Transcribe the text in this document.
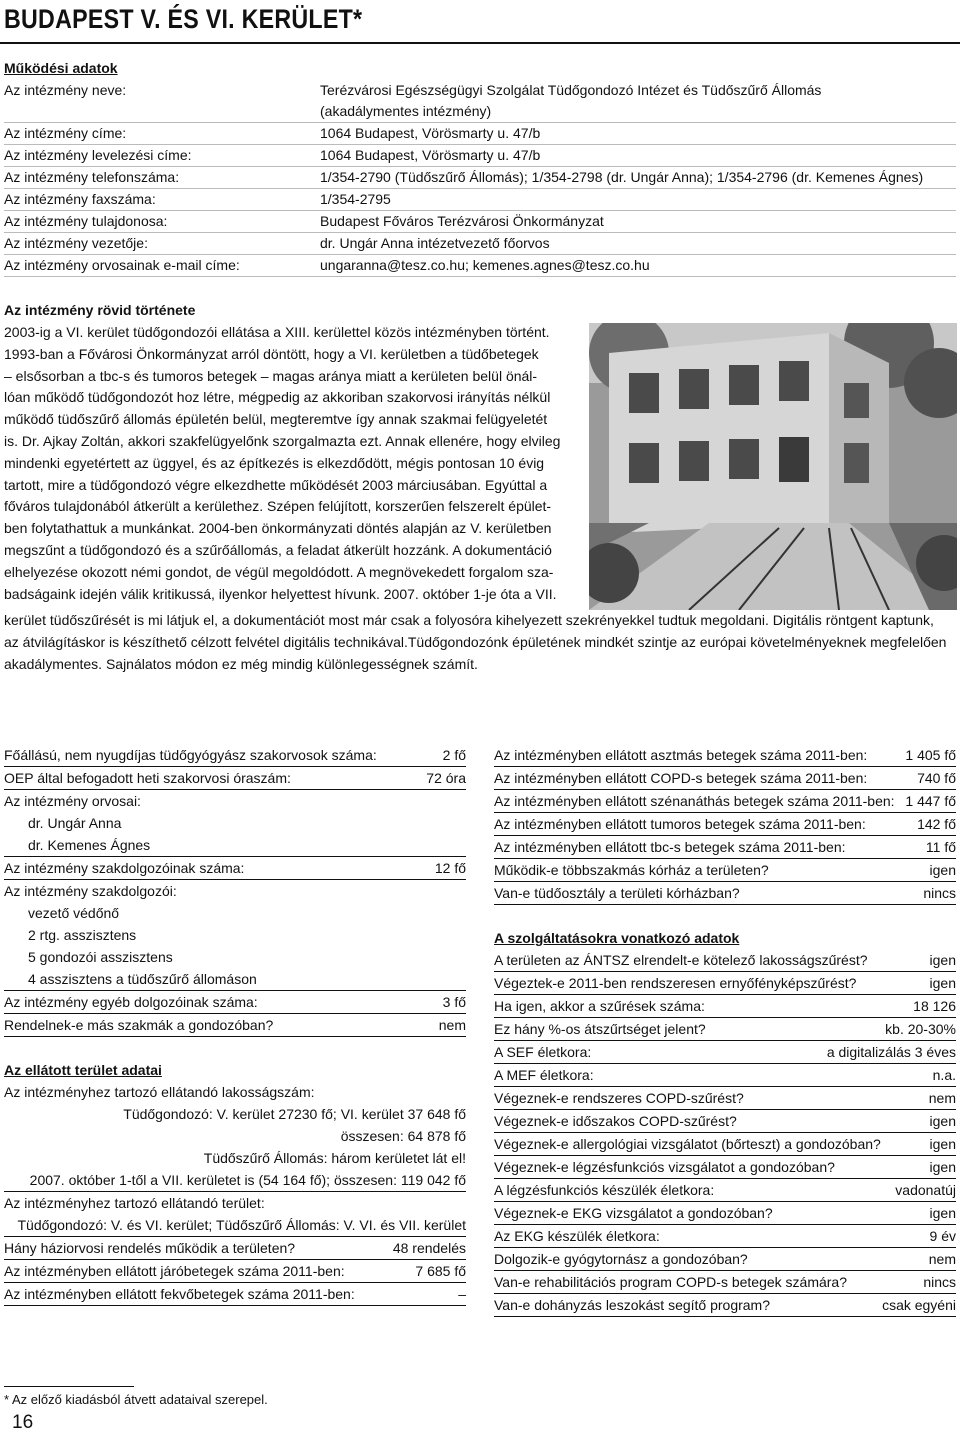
BUDAPEST V. ÉS VI. KERÜLET*
Működési adatok
Az intézmény neve:	Terézvárosi Egészségügyi Szolgálat Tüdőgondozó Intézet és Tüdőszűrő Állomás
(akadálymentes intézmény)
Az intézmény címe:	1064 Budapest, Vörösmarty u. 47/b
Az intézmény levelezési címe:	1064 Budapest, Vörösmarty u. 47/b
Az intézmény telefonszáma:	1/354-2790 (Tüdőszűrő Állomás); 1/354-2798 (dr. Ungár Anna); 1/354-2796 (dr. Kemenes Ágnes)
Az intézmény faxszáma:	1/354-2795
Az intézmény tulajdonosa:	Budapest Főváros Terézvárosi Önkormányzat
Az intézmény vezetője:	dr. Ungár Anna intézetvezető főorvos
Az intézmény orvosainak e-mail címe:	ungaranna@tesz.co.hu; kemenes.agnes@tesz.co.hu
Az intézmény rövid története
2003-ig a VI. kerület tüdőgondozói ellátása a XIII. kerülettel közös intézményben történt.
1993-ban a Fővárosi Önkormányzat arról döntött, hogy a VI. kerületben a tüdőbetegek
– elsősorban a tbc-s és tumoros betegek – magas aránya miatt a kerületen belül önál-
lóan működő tüdőgondozót hoz létre, mégpedig az akkoriban szakorvosi irányítás nélkül
működő tüdőszűrő állomás épületén belül, megteremtve így annak szakmai felügyeletét
is. Dr. Ajkay Zoltán, akkori szakfelügyelőnk szorgalmazta ezt. Annak ellenére, hogy elvileg
mindenki egyetértett az üggyel, és az építkezés is elkezdődött, mégis pontosan 10 évig
tartott, mire a tüdőgondozó végre elkezdhette működését 2003 márciusában. Egyúttal a
főváros tulajdonából átkerült a kerülethez. Szépen felújított, korszerűen felszerelt épület-
ben folytathattuk a munkánkat. 2004-ben önkormányzati döntés alapján az V. kerületben
megszűnt a tüdőgondozó és a szűrőállomás, a feladat átkerült hozzánk. A dokumentáció
elhelyezése okozott némi gondot, de végül megoldódott. A megnövekedett forgalom sza-
badságaink idején válik kritikussá, ilyenkor helyettest hívunk. 2007. október 1-je óta a VII.
kerület tüdőszűrését is mi látjuk el, a dokumentációt most már csak a folyosóra kihelyezett szekrényekkel tudtuk megoldani. Digitális röntgent kaptunk,
az átvilágításkor is készíthető célzott felvétel digitális technikával.Tüdőgondozónk épületének mindkét szintje az európai követelményeknek megfelelően
akadálymentes. Sajnálatos módon ez még mindig különlegességnek számít.
Főállású, nem nyugdíjas tüdőgyógyász szakorvosok száma:	2 fő
OEP által befogadott heti szakorvosi óraszám:	72 óra
Az intézmény orvosai:
dr. Ungár Anna
dr. Kemenes Ágnes
Az intézmény szakdolgozóinak száma:	12 fő
Az intézmény szakdolgozói:
vezető védőnő
2 rtg. asszisztens
5 gondozói asszisztens
4 asszisztens a tüdőszűrő állomáson
Az intézmény egyéb dolgozóinak száma:	3 fő
Rendelnek-e más szakmák a gondozóban?	nem
Az ellátott terület adatai
Az intézményhez tartozó ellátandó lakosságszám:
Tüdőgondozó: V. kerület 27230 fő; VI. kerület 37 648 fő
összesen: 64 878 fő
Tüdőszűrő Állomás: három kerületet lát el!
2007. október 1-től a VII. kerületet is (54 164 fő); összesen: 119 042 fő
Az intézményhez tartozó ellátandó terület:
Tüdőgondozó: V. és VI. kerület; Tüdőszűrő Állomás: V. VI. és VII. kerület
Hány háziorvosi rendelés működik a területen?	48 rendelés
Az intézményben ellátott járóbetegek száma 2011-ben:	7 685 fő
Az intézményben ellátott fekvőbetegek száma 2011-ben:	–
Az intézményben ellátott asztmás betegek száma 2011-ben:	1 405 fő
Az intézményben ellátott COPD-s betegek száma 2011-ben:	740 fő
Az intézményben ellátott szénanáthás betegek száma 2011-ben: 1 447 fő
Az intézményben ellátott tumoros betegek száma 2011-ben:	142 fő
Az intézményben ellátott tbc-s betegek száma 2011-ben:	11 fő
Működik-e többszakmás kórház a területen?	igen
Van-e tüdőosztály a területi kórházban?	nincs
A szolgáltatásokra vonatkozó adatok
A területen az ÁNTSZ elrendelt-e kötelező lakosságszűrést?	igen
Végeztek-e 2011-ben rendszeresen ernyőfényképszűrést?	igen
Ha igen, akkor a szűrések száma:	18 126
Ez hány %-os átszűrtséget jelent?	kb. 20-30%
A SEF életkora:	a digitalizálás 3 éves
A MEF életkora:	n.a.
Végeznek-e rendszeres COPD-szűrést?	nem
Végeznek-e időszakos COPD-szűrést?	igen
Végeznek-e allergológiai vizsgálatot (bőrteszt) a gondozóban?	igen
Végeznek-e légzésfunkciós vizsgálatot a gondozóban?	igen
A légzésfunkciós készülék életkora:	vadonatúj
Végeznek-e EKG vizsgálatot a gondozóban?	igen
Az EKG készülék életkora:	9 év
Dolgozik-e gyógytornász a gondozóban?	nem
Van-e rehabilitációs program COPD-s betegek számára?	nincs
Van-e dohányzás leszokást segítő program?	csak egyéni
* Az előző kiadásból átvett adataival szerepel.
16
